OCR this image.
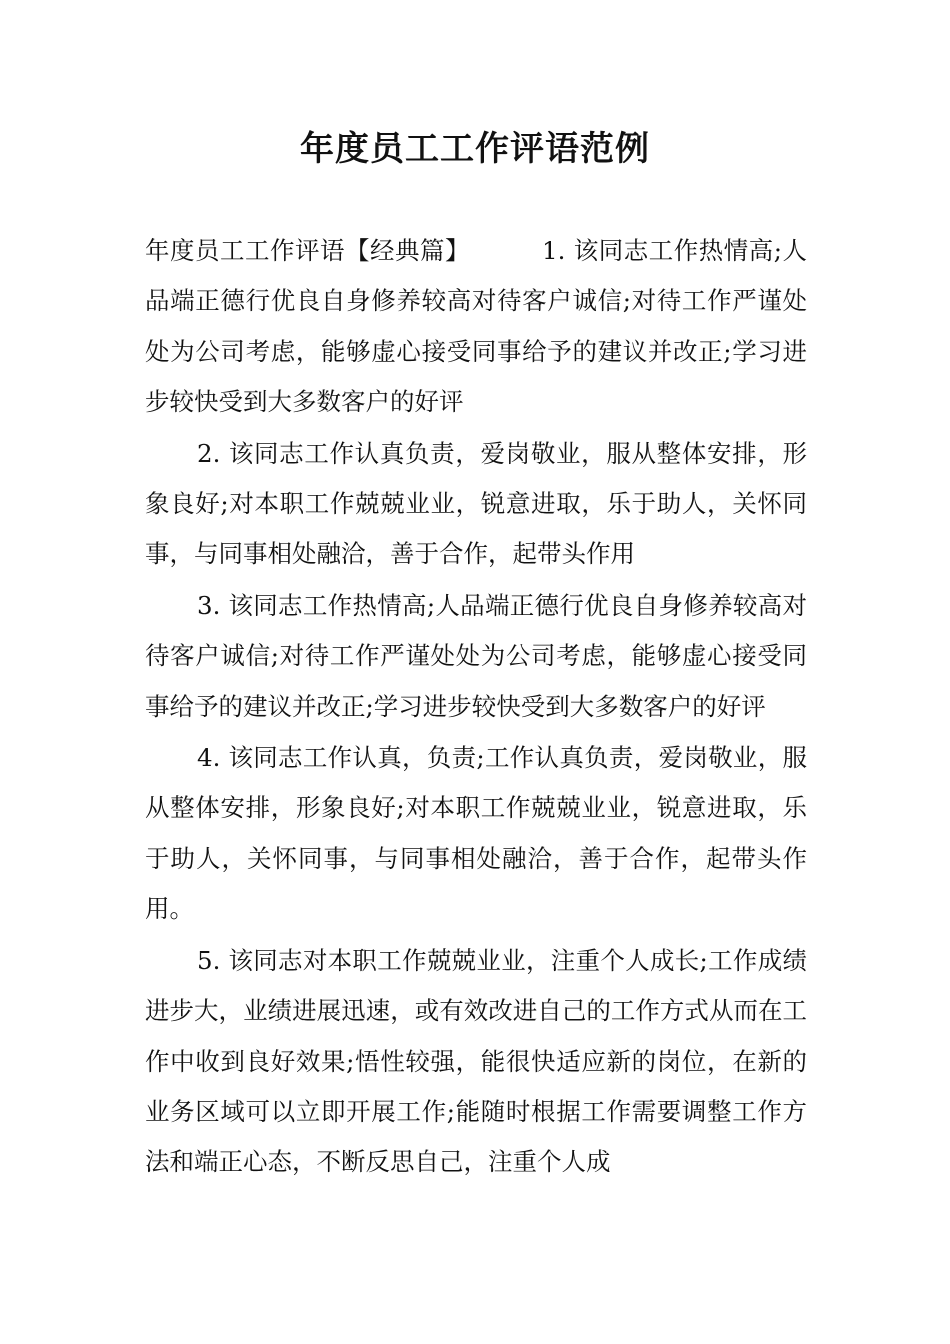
年度员工工作评语范例

年度员工工作评语【经典篇】	1. 该同志工作热情高;人品端正德行优良自身修养较高对待客户诚信;对待工作严谨处处为公司考虑，能够虚心接受同事给予的建议并改正;学习进步较快受到大多数客户的好评

2. 该同志工作认真负责，爱岗敬业，服从整体安排，形象良好;对本职工作兢兢业业，锐意进取，乐于助人，关怀同事，与同事相处融洽，善于合作，起带头作用

3. 该同志工作热情高;人品端正德行优良自身修养较高对待客户诚信;对待工作严谨处处为公司考虑，能够虚心接受同事给予的建议并改正;学习进步较快受到大多数客户的好评

4. 该同志工作认真，负责;工作认真负责，爱岗敬业，服从整体安排，形象良好;对本职工作兢兢业业，锐意进取，乐于助人，关怀同事，与同事相处融洽，善于合作，起带头作用。

5. 该同志对本职工作兢兢业业，注重个人成长;工作成绩进步大，业绩进展迅速，或有效改进自己的工作方式从而在工作中收到良好效果;悟性较强，能很快适应新的岗位，在新的业务区域可以立即开展工作;能随时根据工作需要调整工作方法和端正心态，不断反思自己，注重个人成
